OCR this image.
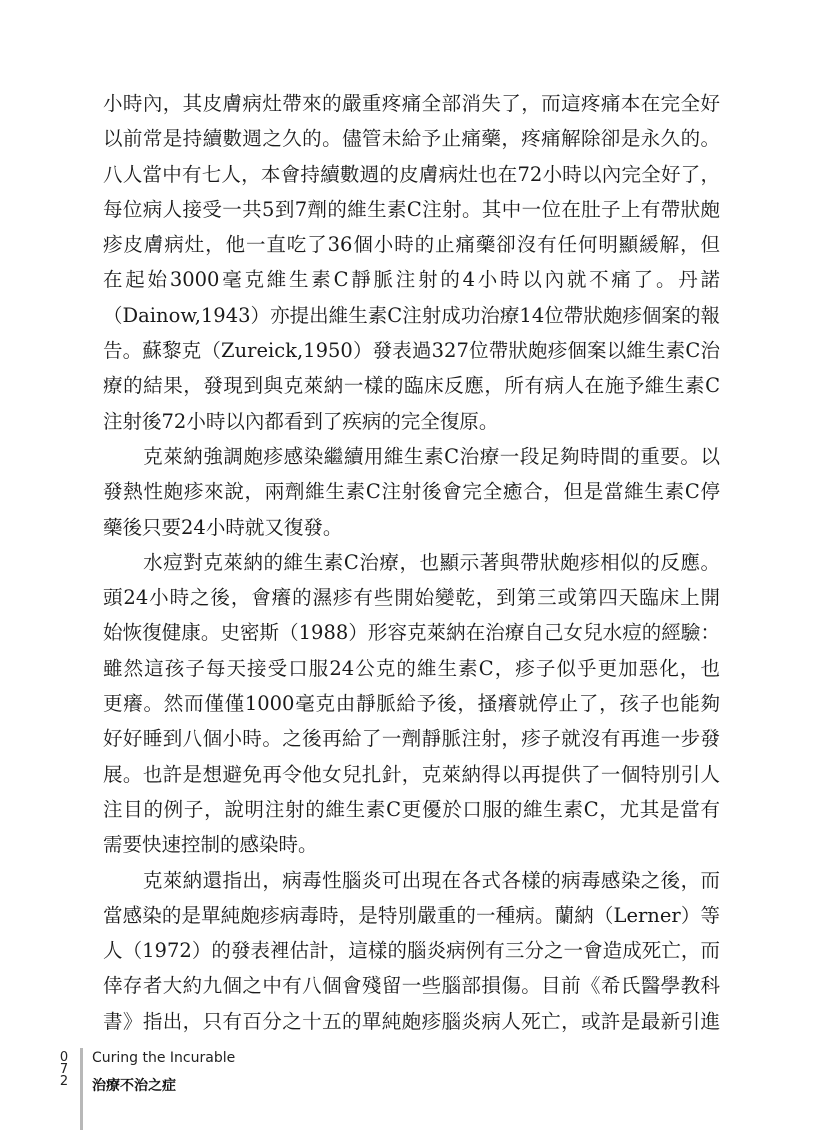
小時內，其皮膚病灶帶來的嚴重疼痛全部消失了，而這疼痛本在完全好
以前常是持續數週之久的。儘管未給予止痛藥，疼痛解除卻是永久的。
八人當中有七人，本會持續數週的皮膚病灶也在72小時以內完全好了，
每位病人接受一共5到7劑的維生素C注射。其中一位在肚子上有帶狀皰
疹皮膚病灶，他一直吃了36個小時的止痛藥卻沒有任何明顯緩解，但
在起始3000毫克維生素C靜脈注射的4小時以內就不痛了。丹諾
（Dainow,1943）亦提出維生素C注射成功治療14位帶狀皰疹個案的報
告。蘇黎克（Zureick,1950）發表過327位帶狀皰疹個案以維生素C治
療的結果，發現到與克萊納一樣的臨床反應，所有病人在施予維生素C
注射後72小時以內都看到了疾病的完全復原。
　　克萊納強調皰疹感染繼續用維生素C治療一段足夠時間的重要。以
發熱性皰疹來說，兩劑維生素C注射後會完全癒合，但是當維生素C停
藥後只要24小時就又復發。
　　水痘對克萊納的維生素C治療，也顯示著與帶狀皰疹相似的反應。
頭24小時之後，會癢的濕疹有些開始變乾，到第三或第四天臨床上開
始恢復健康。史密斯（1988）形容克萊納在治療自己女兒水痘的經驗：
雖然這孩子每天接受口服24公克的維生素C，疹子似乎更加惡化，也
更癢。然而僅僅1000毫克由靜脈給予後，搔癢就停止了，孩子也能夠
好好睡到八個小時。之後再給了一劑靜脈注射，疹子就沒有再進一步發
展。也許是想避免再令他女兒扎針，克萊納得以再提供了一個特別引人
注目的例子，說明注射的維生素C更優於口服的維生素C，尤其是當有
需要快速控制的感染時。
　　克萊納還指出，病毒性腦炎可出現在各式各樣的病毒感染之後，而
當感染的是單純皰疹病毒時，是特別嚴重的一種病。蘭納（Lerner）等
人（1972）的發表裡估計，這樣的腦炎病例有三分之一會造成死亡，而
倖存者大約九個之中有八個會殘留一些腦部損傷。目前《希氏醫學教科
書》指出，只有百分之十五的單純皰疹腦炎病人死亡，或許是最新引進
0
7
2
Curing the Incurable
治療不治之症
